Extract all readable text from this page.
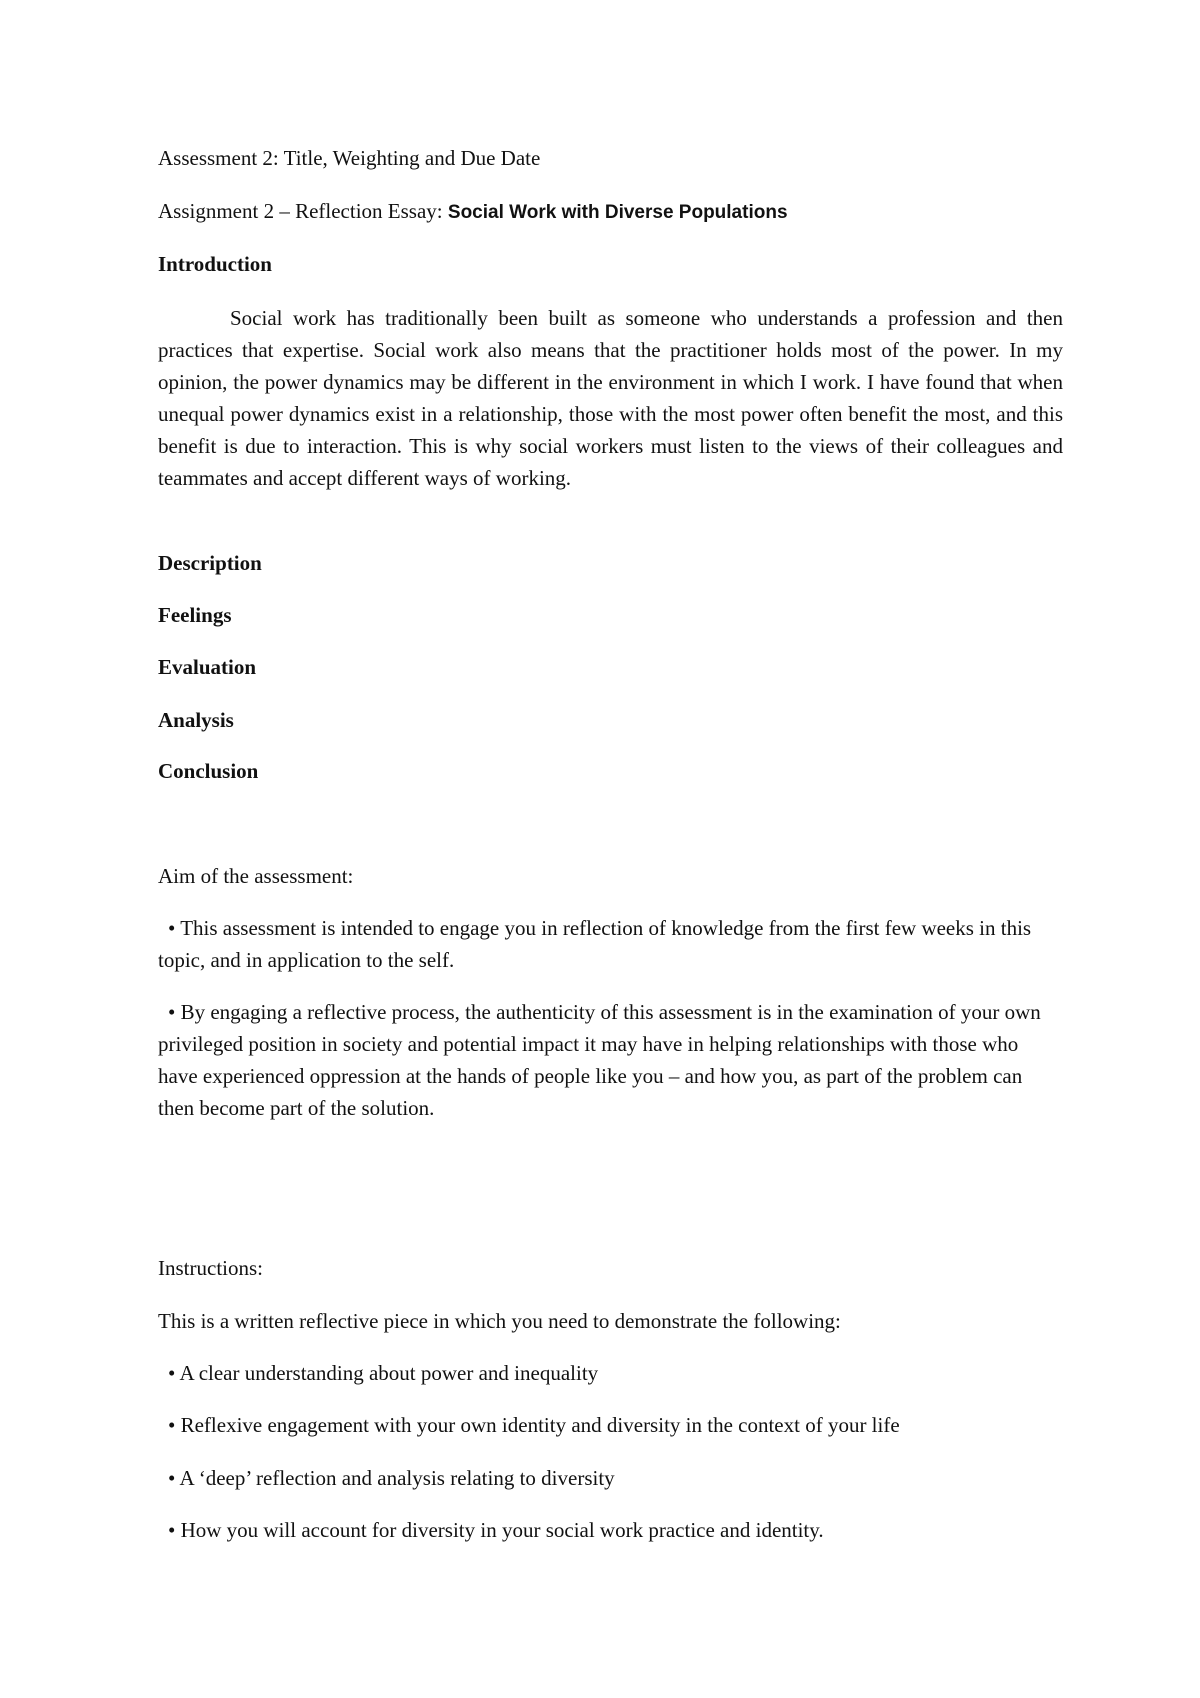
Assessment 2: Title, Weighting and Due Date
Assignment 2 – Reflection Essay: Social Work with Diverse Populations
Introduction
Social work has traditionally been built as someone who understands a profession and then practices that expertise. Social work also means that the practitioner holds most of the power. In my opinion, the power dynamics may be different in the environment in which I work. I have found that when unequal power dynamics exist in a relationship, those with the most power often benefit the most, and this benefit is due to interaction. This is why social workers must listen to the views of their colleagues and teammates and accept different ways of working.
Description
Feelings
Evaluation
Analysis
Conclusion
Aim of the assessment:
• This assessment is intended to engage you in reflection of knowledge from the first few weeks in this topic, and in application to the self.
• By engaging a reflective process, the authenticity of this assessment is in the examination of your own privileged position in society and potential impact it may have in helping relationships with those who have experienced oppression at the hands of people like you – and how you, as part of the problem can then become part of the solution.
Instructions:
This is a written reflective piece in which you need to demonstrate the following:
• A clear understanding about power and inequality
• Reflexive engagement with your own identity and diversity in the context of your life
• A ‘deep’ reflection and analysis relating to diversity
• How you will account for diversity in your social work practice and identity.
